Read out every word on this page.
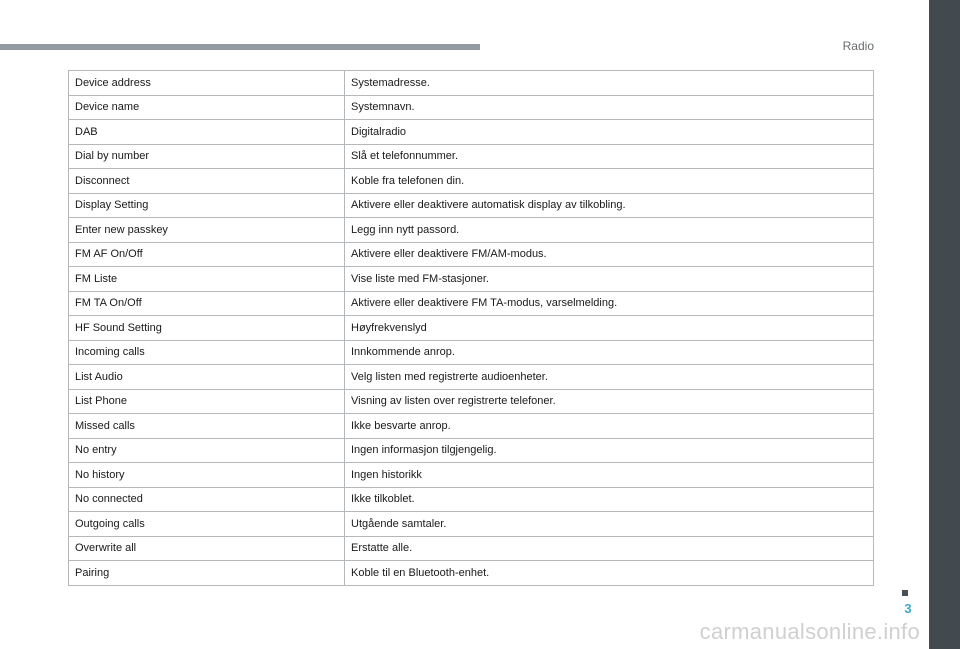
Radio
Device address	Systemadresse.
Device name	Systemnavn.
DAB	Digitalradio
Dial by number	Slå et telefonnummer.
Disconnect	Koble fra telefonen din.
Display Setting	Aktivere eller deaktivere automatisk display av tilkobling.
Enter new passkey	Legg inn nytt passord.
FM AF On/Off	Aktivere eller deaktivere FM/AM-modus.
FM Liste	Vise liste med FM-stasjoner.
FM TA On/Off	Aktivere eller deaktivere FM TA-modus, varselmelding.
HF Sound Setting	Høyfrekvenslyd
Incoming calls	Innkommende anrop.
List Audio	Velg listen med registrerte audioenheter.
List Phone	Visning av listen over registrerte telefoner.
Missed calls	Ikke besvarte anrop.
No entry	Ingen informasjon tilgjengelig.
No history	Ingen historikk
No connected	Ikke tilkoblet.
Outgoing calls	Utgående samtaler.
Overwrite all	Erstatte alle.
Pairing	Koble til en Bluetooth-enhet.
3
carmanualsonline.info
